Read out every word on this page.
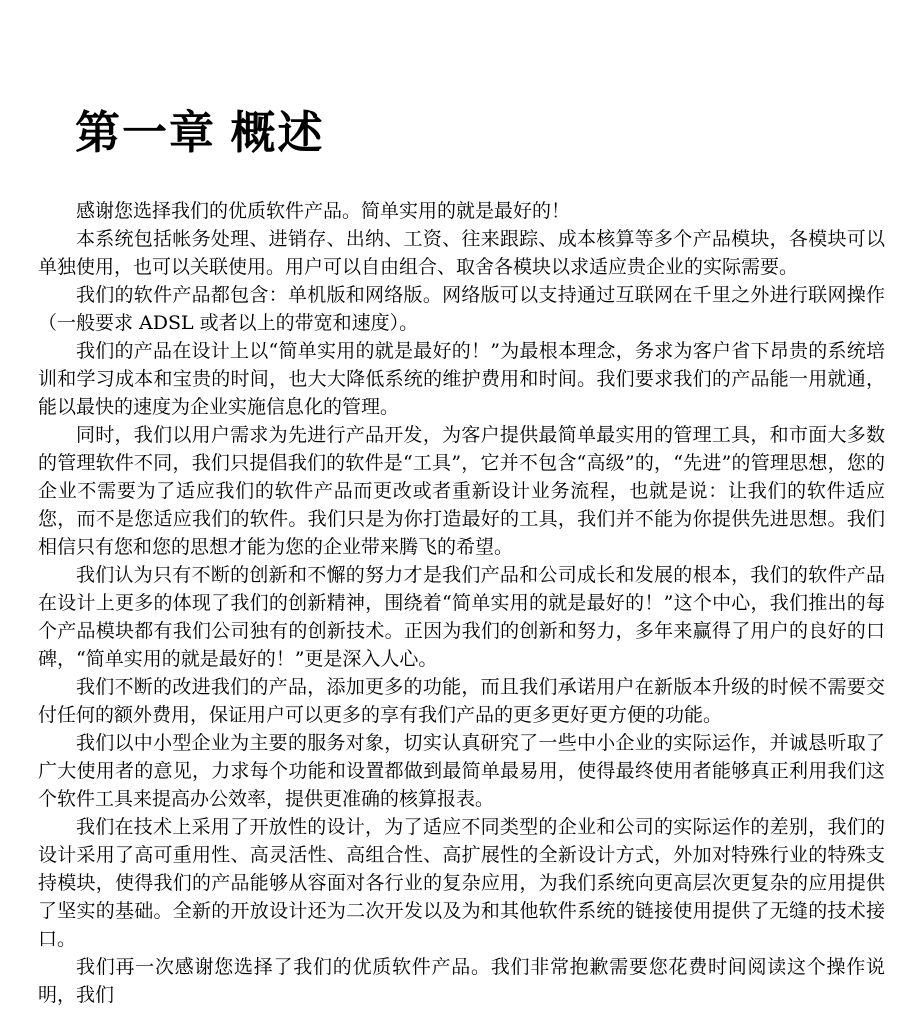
第一章 概述

感谢您选择我们的优质软件产品。简单实用的就是最好的！

本系统包括帐务处理、进销存、出纳、工资、往来跟踪、成本核算等多个产品模块，各模块可以单独使用，也可以关联使用。用户可以自由组合、取舍各模块以求适应贵企业的实际需要。

我们的软件产品都包含：单机版和网络版。网络版可以支持通过互联网在千里之外进行联网操作（一般要求 ADSL 或者以上的带宽和速度）。

我们的产品在设计上以“简单实用的就是最好的！”为最根本理念，务求为客户省下昂贵的系统培训和学习成本和宝贵的时间，也大大降低系统的维护费用和时间。我们要求我们的产品能一用就通，能以最快的速度为企业实施信息化的管理。

同时，我们以用户需求为先进行产品开发，为客户提供最简单最实用的管理工具，和市面大多数的管理软件不同，我们只提倡我们的软件是“工具”，它并不包含“高级”的，“先进”的管理思想，您的企业不需要为了适应我们的软件产品而更改或者重新设计业务流程，也就是说：让我们的软件适应您，而不是您适应我们的软件。我们只是为你打造最好的工具，我们并不能为你提供先进思想。我们相信只有您和您的思想才能为您的企业带来腾飞的希望。

我们认为只有不断的创新和不懈的努力才是我们产品和公司成长和发展的根本，我们的软件产品在设计上更多的体现了我们的创新精神，围绕着“简单实用的就是最好的！”这个中心，我们推出的每个产品模块都有我们公司独有的创新技术。正因为我们的创新和努力，多年来赢得了用户的良好的口碑，“简单实用的就是最好的！”更是深入人心。

我们不断的改进我们的产品，添加更多的功能，而且我们承诺用户在新版本升级的时候不需要交付任何的额外费用，保证用户可以更多的享有我们产品的更多更好更方便的功能。

我们以中小型企业为主要的服务对象，切实认真研究了一些中小企业的实际运作，并诚恳听取了广大使用者的意见，力求每个功能和设置都做到最简单最易用，使得最终使用者能够真正利用我们这个软件工具来提高办公效率，提供更准确的核算报表。

我们在技术上采用了开放性的设计，为了适应不同类型的企业和公司的实际运作的差别，我们的设计采用了高可重用性、高灵活性、高组合性、高扩展性的全新设计方式，外加对特殊行业的特殊支持模块，使得我们的产品能够从容面对各行业的复杂应用，为我们系统向更高层次更复杂的应用提供了坚实的基础。全新的开放设计还为二次开发以及为和其他软件系统的链接使用提供了无缝的技术接口。

我们再一次感谢您选择了我们的优质软件产品。我们非常抱歉需要您花费时间阅读这个操作说明，我们
